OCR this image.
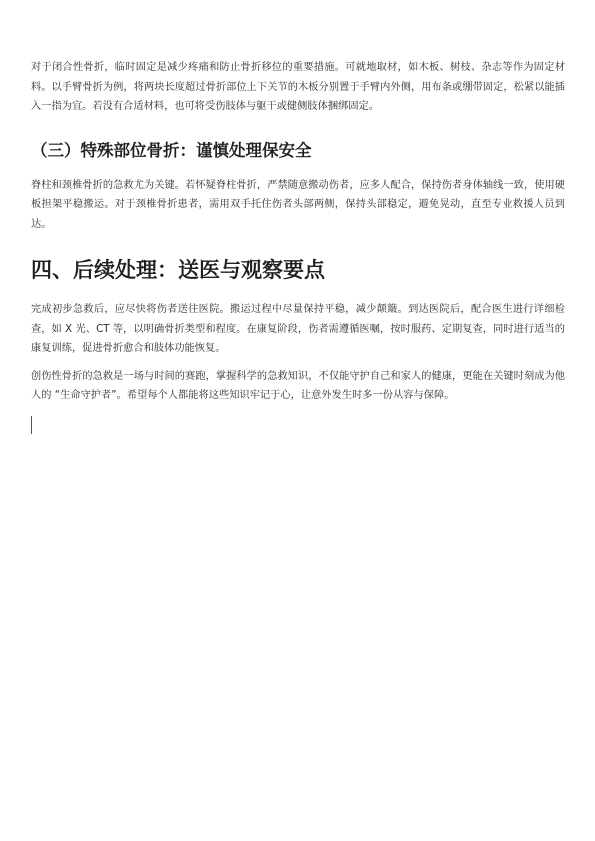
对于闭合性骨折，临时固定是减少疼痛和防止骨折移位的重要措施。可就地取材，如木板、树枝、杂志等作为固定材料。以手臂骨折为例，将两块长度超过骨折部位上下关节的木板分别置于手臂内外侧，用布条或绷带固定，松紧以能插入一指为宜。若没有合适材料，也可将受伤肢体与躯干或健侧肢体捆绑固定。

（三）特殊部位骨折：谨慎处理保安全

脊柱和颈椎骨折的急救尤为关键。若怀疑脊柱骨折，严禁随意搬动伤者，应多人配合，保持伤者身体轴线一致，使用硬板担架平稳搬运。对于颈椎骨折患者，需用双手托住伤者头部两侧，保持头部稳定，避免晃动，直至专业救援人员到达。

四、后续处理：送医与观察要点

完成初步急救后，应尽快将伤者送往医院。搬运过程中尽量保持平稳，减少颠簸。到达医院后，配合医生进行详细检查，如 X 光、CT 等，以明确骨折类型和程度。在康复阶段，伤者需遵循医嘱，按时服药、定期复查，同时进行适当的康复训练，促进骨折愈合和肢体功能恢复。

创伤性骨折的急救是一场与时间的赛跑，掌握科学的急救知识，不仅能守护自己和家人的健康，更能在关键时刻成为他人的 “生命守护者”。希望每个人都能将这些知识牢记于心，让意外发生时多一份从容与保障。
